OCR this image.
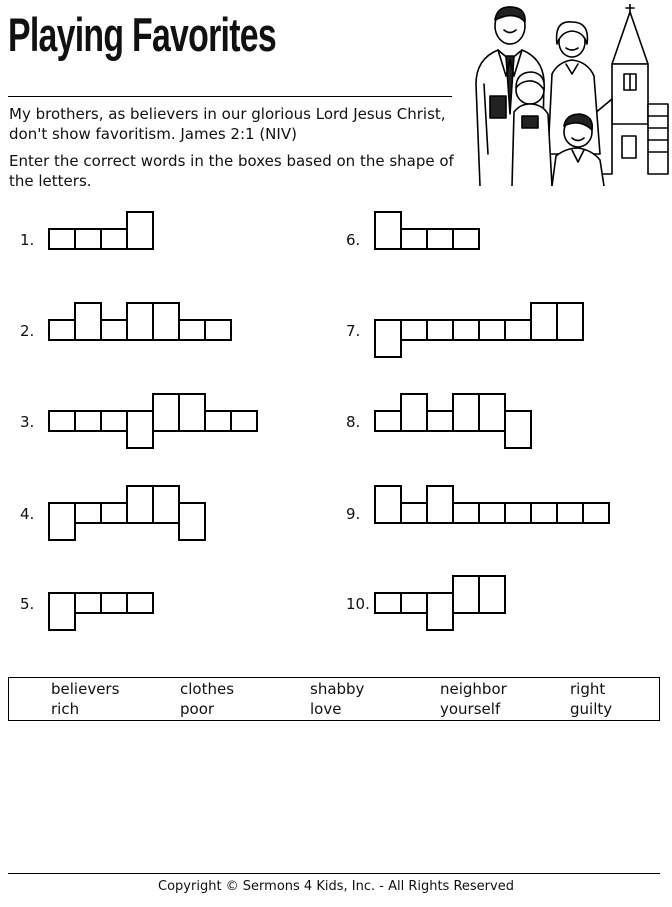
Playing Favorites

My brothers, as believers in our glorious Lord Jesus Christ, don't show favoritism. James 2:1 (NIV)

Enter the correct words in the boxes based on the shape of the letters.

1.
2.
3.
4.
5.
6.
7.
8.
9.
10.
believers	clothes	shabby	neighbor	right
rich	poor	love	yourself	guilty
Copyright © Sermons 4 Kids, Inc. - All Rights Reserved
